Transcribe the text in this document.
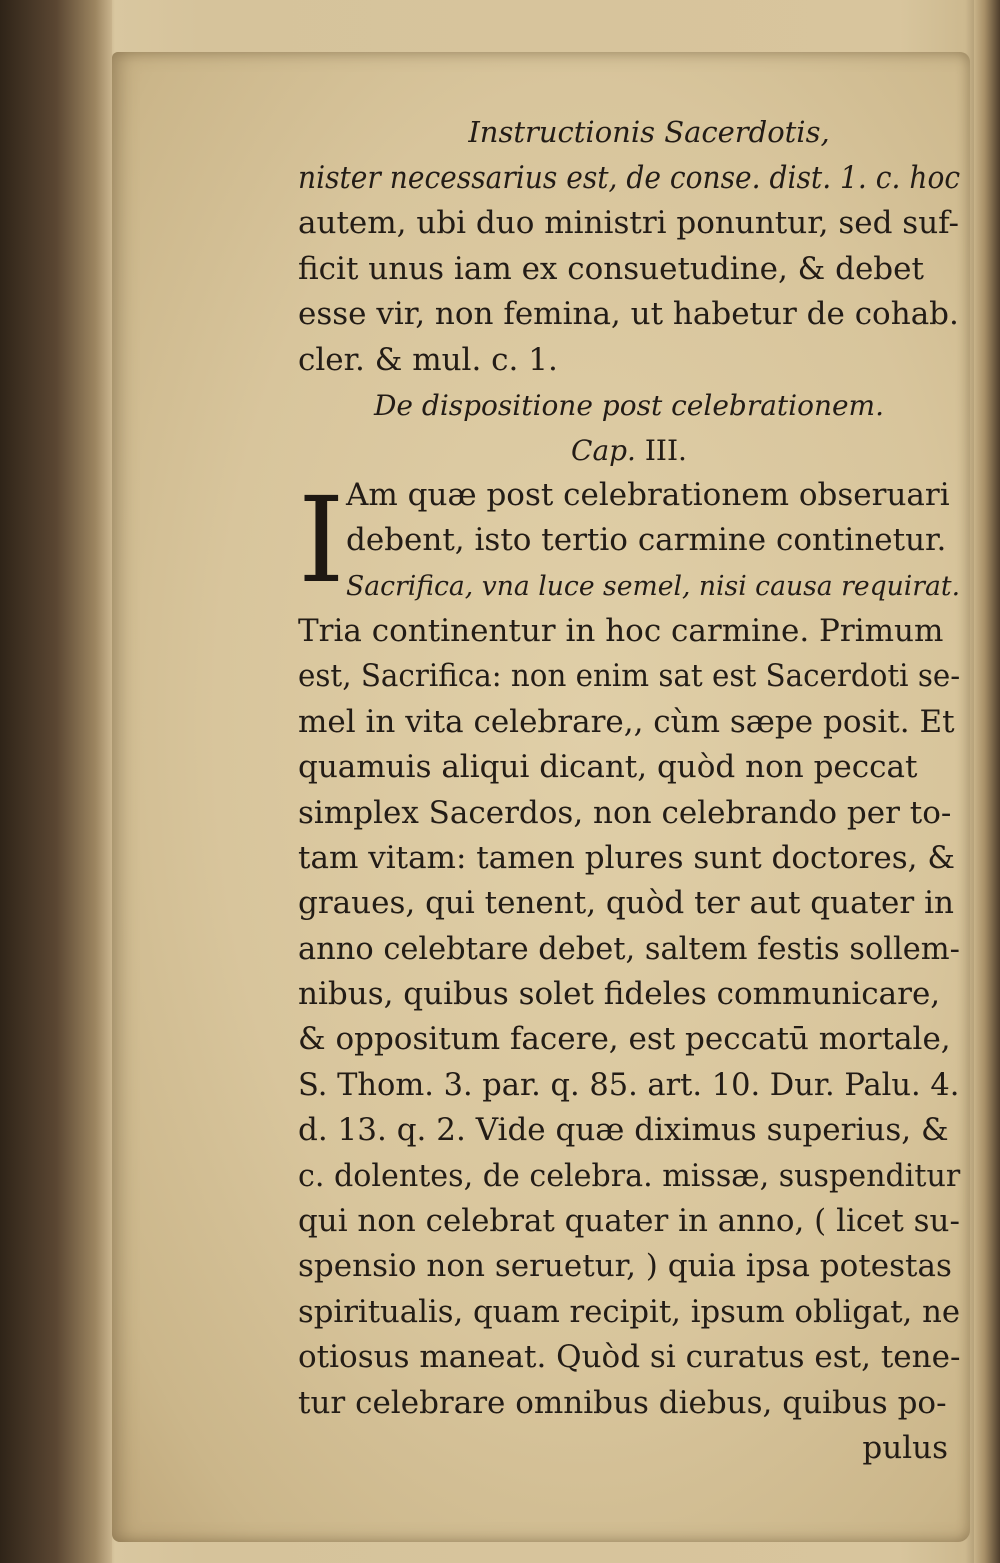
Instructionis Sacerdotis,
nister necessarius est, de conse. dist. 1. c. hoc
autem, ubi duo ministri ponuntur, sed suf-
ficit unus iam ex consuetudine, & debet
esse vir, non femina, ut habetur de cohab.
cler. & mul. c. 1.
De dispositione post celebrationem.
Cap. III.
I Am quæ post celebrationem obseruari
debent, isto tertio carmine continetur.
Sacrifica, vna luce semel, nisi causa requirat.
Tria continentur in hoc carmine. Primum
est, Sacrifica: non enim sat est Sacerdoti se-
mel in vita celebrare,, cùm sæpe posit. Et
quamuis aliqui dicant, quòd non peccat
simplex Sacerdos, non celebrando per to-
tam vitam: tamen plures sunt doctores, &
graues, qui tenent, quòd ter aut quater in
anno celebtare debet, saltem festis sollem-
nibus, quibus solet fideles communicare,
& oppositum facere, est peccatū mortale,
S. Thom. 3. par. q. 85. art. 10. Dur. Palu. 4.
d. 13. q. 2. Vide quæ diximus superius, &
c. dolentes, de celebra. missæ, suspenditur
qui non celebrat quater in anno, ( licet su-
spensio non seruetur, ) quia ipsa potestas
spiritualis, quam recipit, ipsum obligat, ne
otiosus maneat. Quòd si curatus est, tene-
tur celebrare omnibus diebus, quibus po-
pulus
